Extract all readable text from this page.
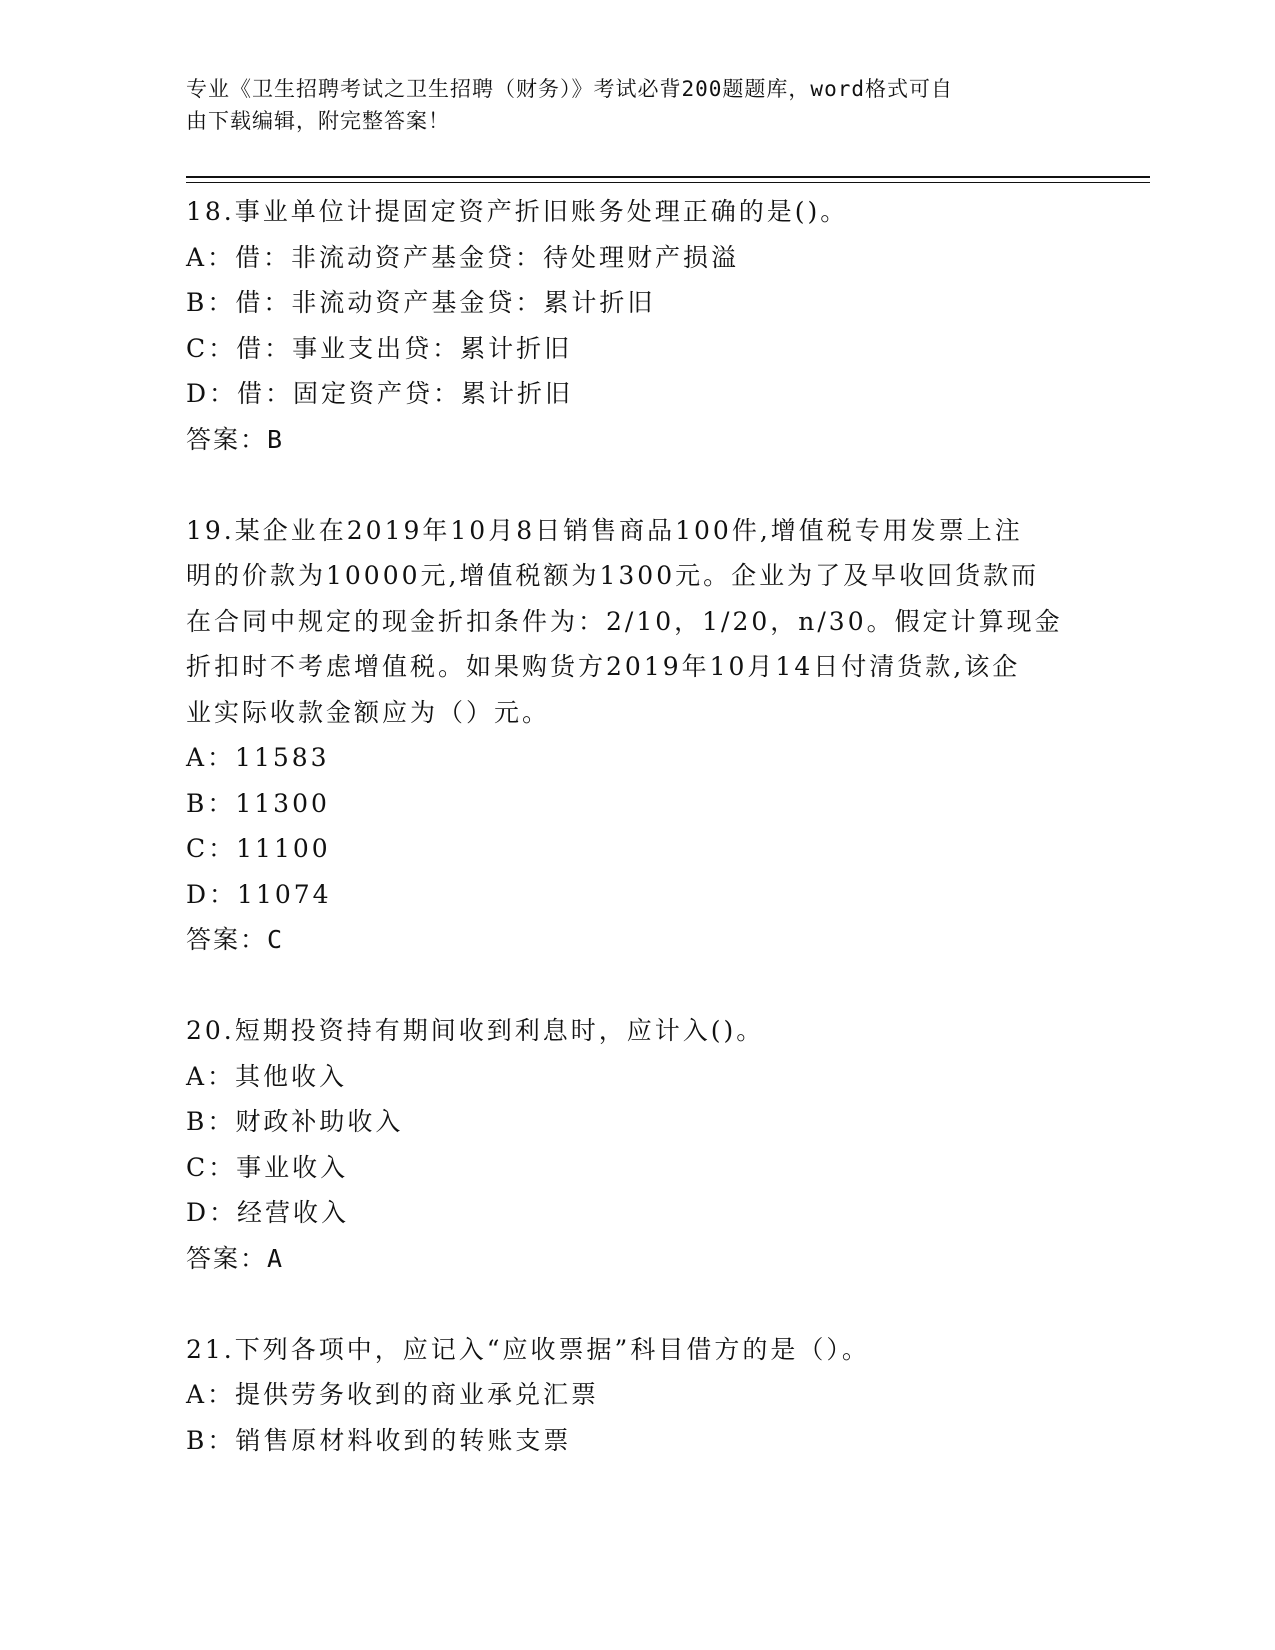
专业《卫生招聘考试之卫生招聘（财务）》考试必背200题题库，word格式可自
由下载编辑，附完整答案！
18.事业单位计提固定资产折旧账务处理正确的是()。
A：借：非流动资产基金贷：待处理财产损溢
B：借：非流动资产基金贷：累计折旧
C：借：事业支出贷：累计折旧
D：借：固定资产贷：累计折旧
答案：B
19.某企业在2019年10月8日销售商品100件,增值税专用发票上注
明的价款为10000元,增值税额为1300元。企业为了及早收回货款而
在合同中规定的现金折扣条件为：2/10，1/20，n/30。假定计算现金
折扣时不考虑增值税。如果购货方2019年10月14日付清货款,该企
业实际收款金额应为（）元。
A：11583
B：11300
C：11100
D：11074
答案：C
20.短期投资持有期间收到利息时，应计入()。
A：其他收入
B：财政补助收入
C：事业收入
D：经营收入
答案：A
21.下列各项中，应记入“应收票据”科目借方的是（）。
A：提供劳务收到的商业承兑汇票
B：销售原材料收到的转账支票
